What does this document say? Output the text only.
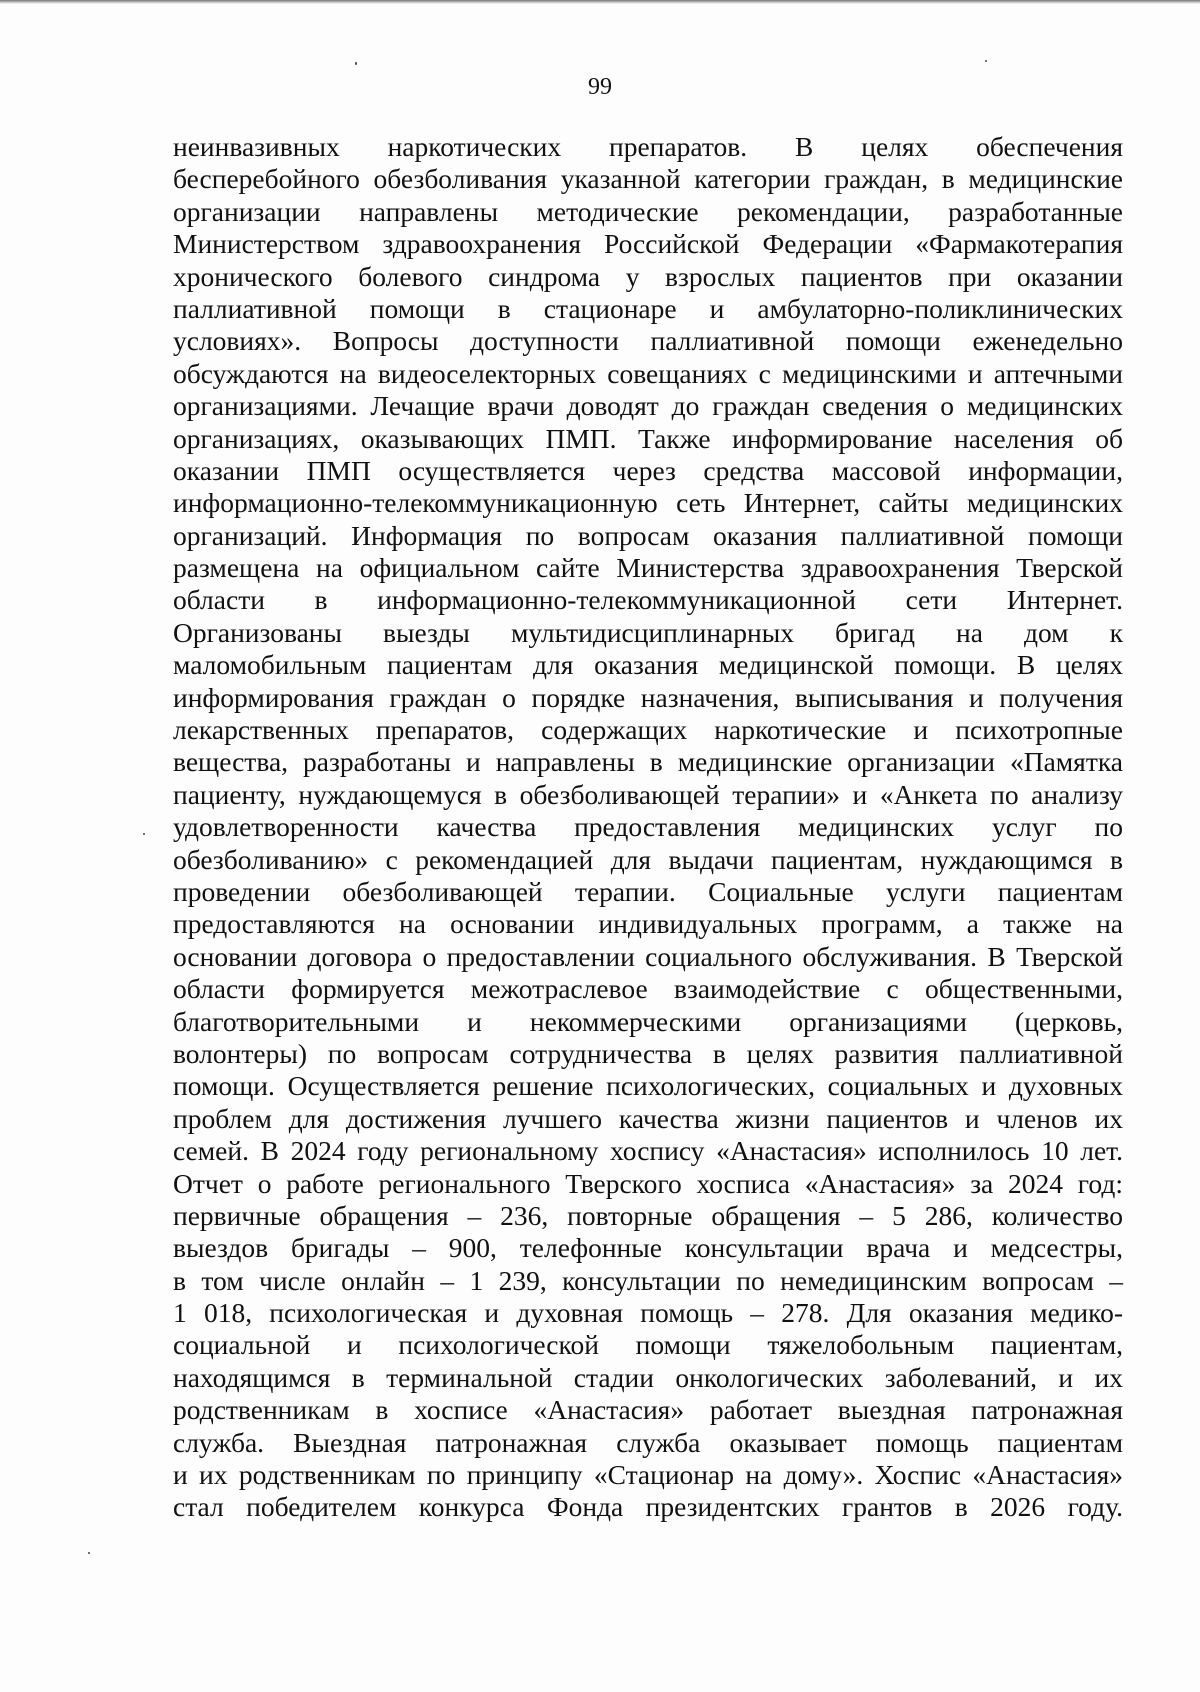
99
неинвазивных наркотических препаратов. В целях обеспечения
бесперебойного обезболивания указанной категории граждан, в медицинские
организации направлены методические рекомендации, разработанные
Министерством здравоохранения Российской Федерации «Фармакотерапия
хронического болевого синдрома у взрослых пациентов при оказании
паллиативной помощи в стационаре и амбулаторно-поликлинических
условиях». Вопросы доступности паллиативной помощи еженедельно
обсуждаются на видеоселекторных совещаниях с медицинскими и аптечными
организациями. Лечащие врачи доводят до граждан сведения о медицинских
организациях, оказывающих ПМП. Также информирование населения об
оказании ПМП осуществляется через средства массовой информации,
информационно-телекоммуникационную сеть Интернет, сайты медицинских
организаций. Информация по вопросам оказания паллиативной помощи
размещена на официальном сайте Министерства здравоохранения Тверской
области в информационно-телекоммуникационной сети Интернет.
Организованы выезды мультидисциплинарных бригад на дом к
маломобильным пациентам для оказания медицинской помощи. В целях
информирования граждан о порядке назначения, выписывания и получения
лекарственных препаратов, содержащих наркотические и психотропные
вещества, разработаны и направлены в медицинские организации «Памятка
пациенту, нуждающемуся в обезболивающей терапии» и «Анкета по анализу
удовлетворенности качества предоставления медицинских услуг по
обезболиванию» с рекомендацией для выдачи пациентам, нуждающимся в
проведении обезболивающей терапии. Социальные услуги пациентам
предоставляются на основании индивидуальных программ, а также на
основании договора о предоставлении социального обслуживания. В Тверской
области формируется межотраслевое взаимодействие с общественными,
благотворительными и некоммерческими организациями (церковь,
волонтеры) по вопросам сотрудничества в целях развития паллиативной
помощи. Осуществляется решение психологических, социальных и духовных
проблем для достижения лучшего качества жизни пациентов и членов их
семей. В 2024 году региональному хоспису «Анастасия» исполнилось 10 лет.
Отчет о работе регионального Тверского хосписа «Анастасия» за 2024 год:
первичные обращения – 236, повторные обращения – 5 286, количество
выездов бригады – 900, телефонные консультации врача и медсестры,
в том числе онлайн – 1 239, консультации по немедицинским вопросам –
1 018, психологическая и духовная помощь – 278. Для оказания медико-
социальной и психологической помощи тяжелобольным пациентам,
находящимся в терминальной стадии онкологических заболеваний, и их
родственникам в хосписе «Анастасия» работает выездная патронажная
служба. Выездная патронажная служба оказывает помощь пациентам
и их родственникам по принципу «Стационар на дому». Хоспис «Анастасия»
стал победителем конкурса Фонда президентских грантов в 2026 году.
